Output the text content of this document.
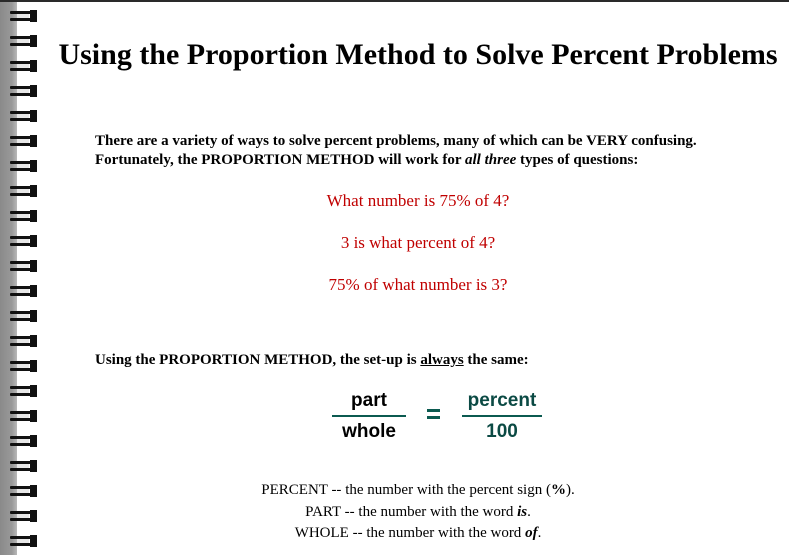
Using the Proportion Method to Solve Percent Problems
There are a variety of ways to solve percent problems, many of which can be VERY confusing.
Fortunately, the PROPORTION METHOD will work for all three types of questions:
What number is 75% of 4?
3 is what percent of 4?
75% of what number is 3?
Using the PROPORTION METHOD, the set-up is always the same:
part
whole
percent
100
PERCENT -- the number with the percent sign (%).
PART -- the number with the word is.
WHOLE -- the number with the word of.
